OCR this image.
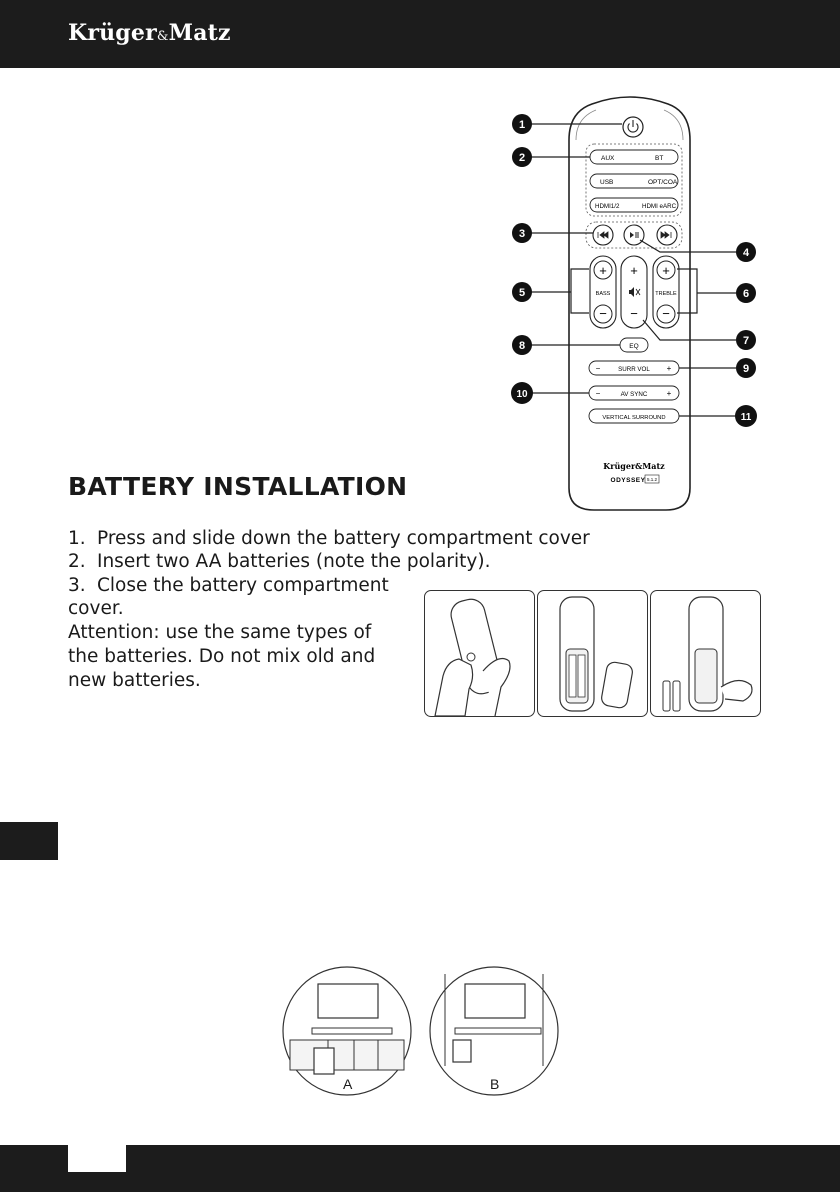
Krüger&Matz
AUX	BT
USB	OPT/COA
HDMI1/2	HDMI eARC
+
BASS
−
+
−
+
TREBLE
−
EQ
−	SURR VOL +
−	AV SYNC +
VERTICAL SURROUND
Krüger&Matz
ODYSSEY 5.1.2
1
2
3
4
5	6
7
8
9
10
11
BATTERY INSTALLATION
1. Press and slide down the battery compartment cover
2. Insert two AA batteries (note the polarity).
3. Close the battery compartment
cover.
Attention: use the same types of
the batteries. Do not mix old and
new batteries.
A	B
